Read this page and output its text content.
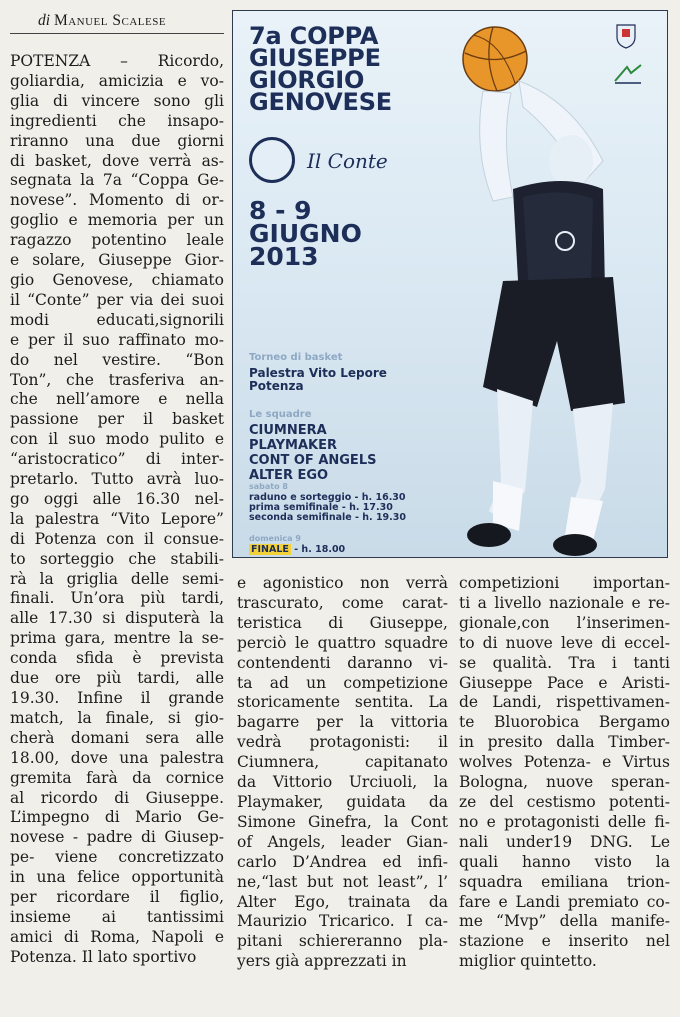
di Manuel Scalese
POTENZA – Ricordo,
goliardia, amicizia e vo-
glia di vincere sono gli
ingredienti che insapo-
riranno una due giorni
di basket, dove verrà as-
segnata la 7a “Coppa Ge-
novese”. Momento di or-
goglio e memoria per un
ragazzo potentino leale
e solare, Giuseppe Gior-
gio Genovese, chiamato
il “Conte” per via dei suoi
modi educati,signorili
e per il suo raffinato mo-
do nel vestire. “Bon
Ton”, che trasferiva an-
che nell’amore e nella
passione per il basket
con il suo modo pulito e
“aristocratico” di inter-
pretarlo. Tutto avrà luo-
go oggi alle 16.30 nel-
la palestra “Vito Lepore”
di Potenza con il consue-
to sorteggio che stabili-
rà la griglia delle semi-
finali. Un’ora più tardi,
alle 17.30 si disputerà la
prima gara, mentre la se-
conda sfida è prevista
due ore più tardi, alle
19.30. Infine il grande
match, la finale, si gio-
cherà domani sera alle
18.00, dove una palestra
gremita farà da cornice
al ricordo di Giuseppe.
L’impegno di Mario Ge-
novese - padre di Giusep-
pe- viene concretizzato
in una felice opportunità
per ricordare il figlio,
insieme ai tantissimi
amici di Roma, Napoli e
Potenza. Il lato sportivo
e agonistico non verrà
trascurato, come carat-
teristica di Giuseppe,
perciò le quattro squadre
contendenti daranno vi-
ta ad un competizione
storicamente sentita. La
bagarre per la vittoria
vedrà protagonisti: il
Ciumnera, capitanato
da Vittorio Urciuoli, la
Playmaker, guidata da
Simone Ginefra, la Cont
of Angels, leader Gian-
carlo D’Andrea ed infi-
ne,“last but not least”, l’
Alter Ego, trainata da
Maurizio Tricarico. I ca-
pitani schiereranno pla-
yers già apprezzati in
competizioni importan-
ti a livello nazionale e re-
gionale,con l’inserimen-
to di nuove leve di eccel-
se qualità. Tra i tanti
Giuseppe Pace e Aristi-
de Landi, rispettivamen-
te Bluorobica Bergamo
in presito dalla Timber-
wolves Potenza- e Virtus
Bologna, nuove speran-
ze del cestismo potenti-
no e protagonisti delle fi-
nali under19 DNG. Le
quali hanno visto la
squadra emiliana trion-
fare e Landi premiato co-
me “Mvp” della manife-
stazione e inserito nel
miglior quintetto.
7a COPPA
GIUSEPPE
GIORGIO
GENOVESE
Il Conte
8 - 9
GIUGNO
2013
Torneo di basket
Palestra Vito Lepore
Potenza
Le squadre
CIUMNERA
PLAYMAKER
CONT OF ANGELS
ALTER EGO
sabato 8
raduno e sorteggio - h. 16.30
prima semifinale - h. 17.30
seconda semifinale - h. 19.30
domenica 9
FINALE - h. 18.00
